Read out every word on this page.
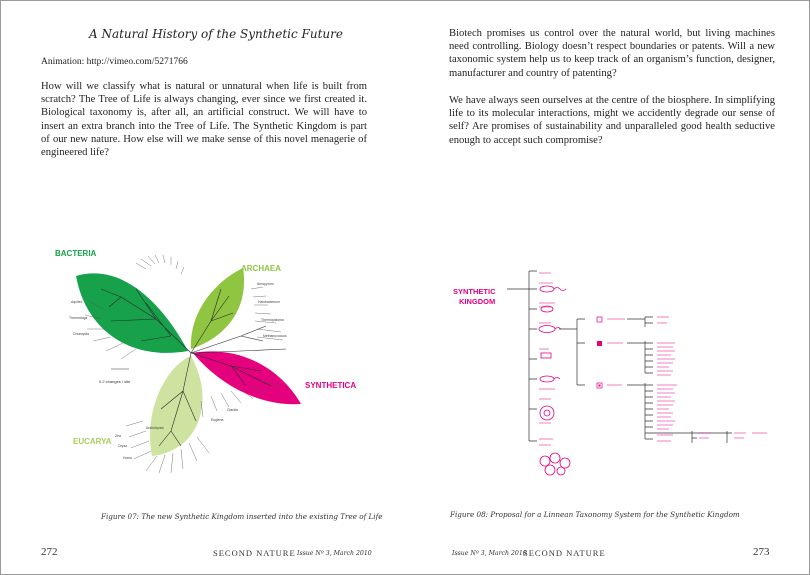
A Natural History of the Synthetic Future
Animation: http://vimeo.com/5271766

How will we classify what is natural or unnatural when life is built from scratch? The Tree of Life is always changing, ever since we first created it. Biological taxonomy is, after all, an artificial construct. We will have to insert an extra branch into the Tree of Life. The Synthetic Kingdom is part of our new nature. How else will we make sense of this novel menagerie of engineered life?

Aeropyrum
Halobacterium
Thermoplasma
Methanococcus
Arabidopsis
Zea
Oryza
Homo
Euglena
Giardia
Aquifex
Thermotoga
Chlamydia
0.2 changes / site
BACTERIA
ARCHAEA
SYNTHETICA
EUCARYA
Figure 07: The new Synthetic Kingdom inserted into the existing Tree of Life
272	SECOND NATURE Issue Nº 3, March 2010

Biotech promises us control over the natural world, but living machines need controlling. Biology doesn’t respect boundaries or patents. Will a new taxonomic system help us to keep track of an organism’s function, designer, manufacturer and country of patenting?

We have always seen ourselves at the centre of the biosphere. In simplifying life to its molecular interactions, might we accidently degrade our sense of self? Are promises of sustainability and unparalleled good health seductive enough to accept such compromise?

SYNTHETIC
KINGDOM
Figure 08: Proposal for a Linnean Taxonomy System for the Synthetic Kingdom
Issue Nº 3, March 2010
SECOND NATURE	273
